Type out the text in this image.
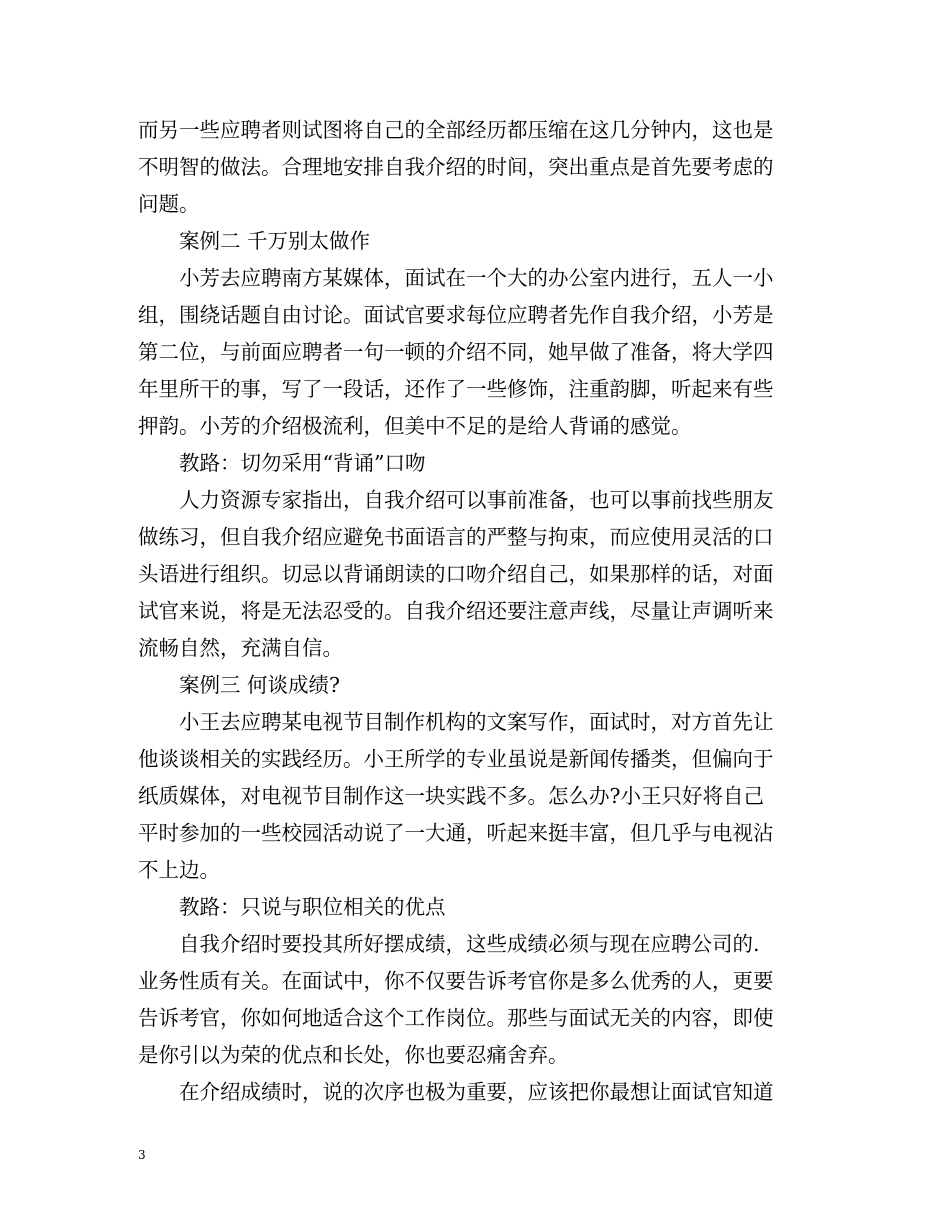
而另一些应聘者则试图将自己的全部经历都压缩在这几分钟内，这也是
不明智的做法。合理地安排自我介绍的时间，突出重点是首先要考虑的
问题。
案例二 千万别太做作
小芳去应聘南方某媒体，面试在一个大的办公室内进行，五人一小
组，围绕话题自由讨论。面试官要求每位应聘者先作自我介绍，小芳是
第二位，与前面应聘者一句一顿的介绍不同，她早做了准备，将大学四
年里所干的事，写了一段话，还作了一些修饰，注重韵脚，听起来有些
押韵。小芳的介绍极流利，但美中不足的是给人背诵的感觉。
教路：切勿采用“背诵”口吻
人力资源专家指出，自我介绍可以事前准备，也可以事前找些朋友
做练习，但自我介绍应避免书面语言的严整与拘束，而应使用灵活的口
头语进行组织。切忌以背诵朗读的口吻介绍自己，如果那样的话，对面
试官来说，将是无法忍受的。自我介绍还要注意声线，尽量让声调听来
流畅自然，充满自信。
案例三 何谈成绩?
小王去应聘某电视节目制作机构的文案写作，面试时，对方首先让
他谈谈相关的实践经历。小王所学的专业虽说是新闻传播类，但偏向于
纸质媒体，对电视节目制作这一块实践不多。怎么办?小王只好将自己
平时参加的一些校园活动说了一大通，听起来挺丰富，但几乎与电视沾
不上边。
教路：只说与职位相关的优点
自我介绍时要投其所好摆成绩，这些成绩必须与现在应聘公司的.
业务性质有关。在面试中，你不仅要告诉考官你是多么优秀的人，更要
告诉考官，你如何地适合这个工作岗位。那些与面试无关的内容，即使
是你引以为荣的优点和长处，你也要忍痛舍弃。
在介绍成绩时，说的次序也极为重要，应该把你最想让面试官知道
3
